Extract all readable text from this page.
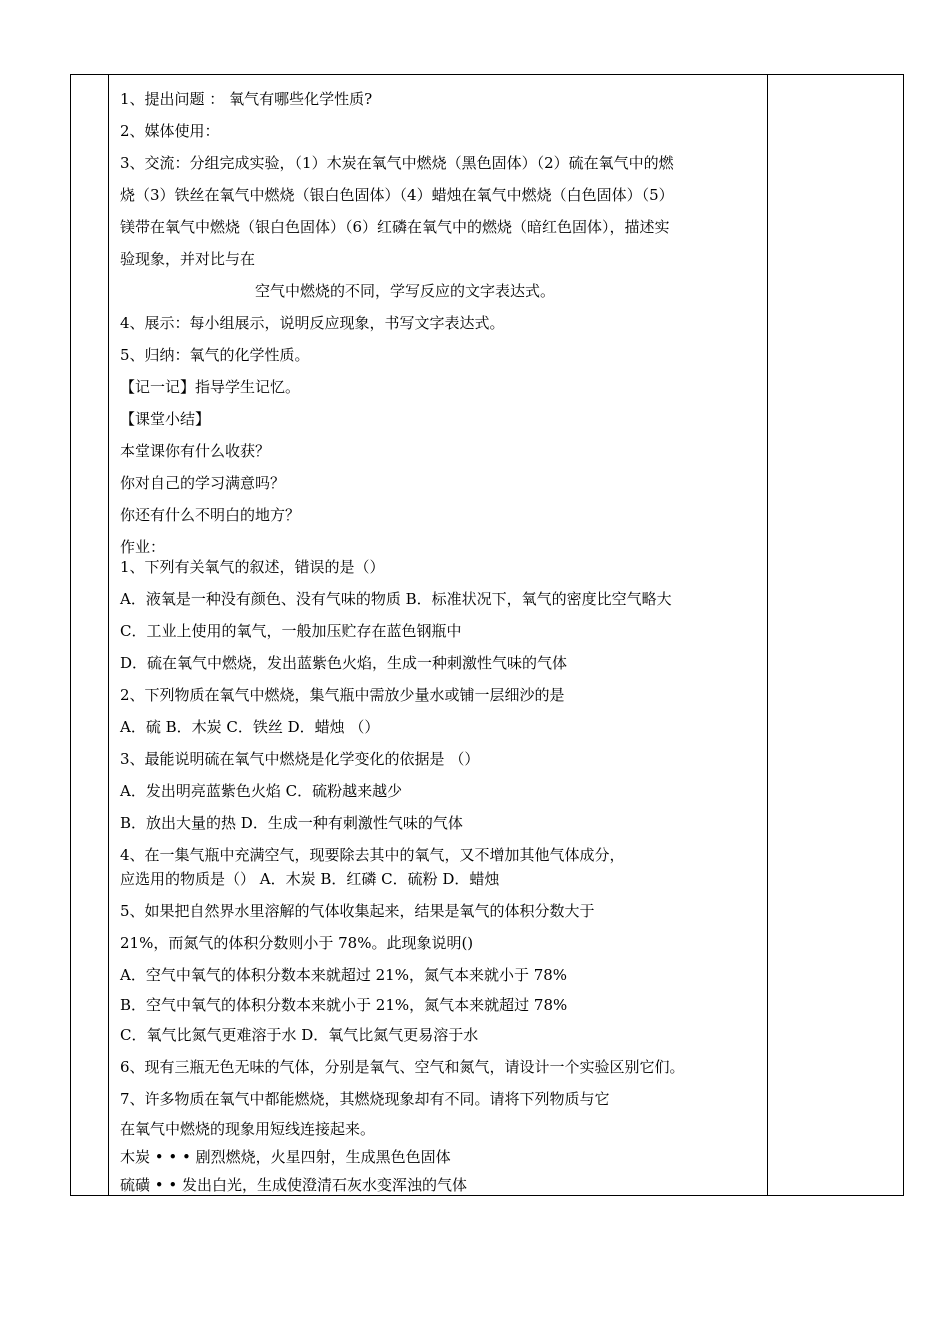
1、提出问题 ： 氧气有哪些化学性质?
2、媒体使用：
3、交流：分组完成实验，（1）木炭在氧气中燃烧（黑色固体）（2）硫在氧气中的燃
烧（3）铁丝在氧气中燃烧（银白色固体）（4）蜡烛在氧气中燃烧（白色固体）（5）
镁带在氧气中燃烧（银白色固体）（6）红磷在氧气中的燃烧（暗红色固体），描述实
验现象，并对比与在
空气中燃烧的不同，学写反应的文字表达式。
4、展示：每小组展示，说明反应现象，书写文字表达式。
5、归纳：氧气的化学性质。
【记一记】指导学生记忆。
【课堂小结】
本堂课你有什么收获？
你对自己的学习满意吗？
你还有什么不明白的地方？
作业：
1、下列有关氧气的叙述，错误的是（）
A．液氧是一种没有颜色、没有气味的物质 B．标准状况下，氧气的密度比空气略大
C．工业上使用的氧气，一般加压贮存在蓝色钢瓶中
D．硫在氧气中燃烧，发出蓝紫色火焰，生成一种刺激性气味的气体
2、下列物质在氧气中燃烧，集气瓶中需放少量水或铺一层细沙的是
A．硫 B．木炭 C．铁丝 D．蜡烛 （）
3、最能说明硫在氧气中燃烧是化学变化的依据是 （）
A．发出明亮蓝紫色火焰 C．硫粉越来越少
B．放出大量的热 D．生成一种有刺激性气味的气体
4、在一集气瓶中充满空气，现要除去其中的氧气，又不增加其他气体成分，
应选用的物质是（） A．木炭 B．红磷 C．硫粉 D．蜡烛
5、如果把自然界水里溶解的气体收集起来，结果是氧气的体积分数大于
21%，而氮气的体积分数则小于 78%。此现象说明()
A．空气中氧气的体积分数本来就超过 21%，氮气本来就小于 78%
B．空气中氧气的体积分数本来就小于 21%，氮气本来就超过 78%
C．氧气比氮气更难溶于水 D．氧气比氮气更易溶于水
6、现有三瓶无色无味的气体，分别是氧气、空气和氮气，请设计一个实验区别它们。
7、许多物质在氧气中都能燃烧，其燃烧现象却有不同。请将下列物质与它
在氧气中燃烧的现象用短线连接起来。
木炭 • • • 剧烈燃烧，火星四射，生成黑色色固体
硫磺 • • 发出白光，生成使澄清石灰水变浑浊的气体
